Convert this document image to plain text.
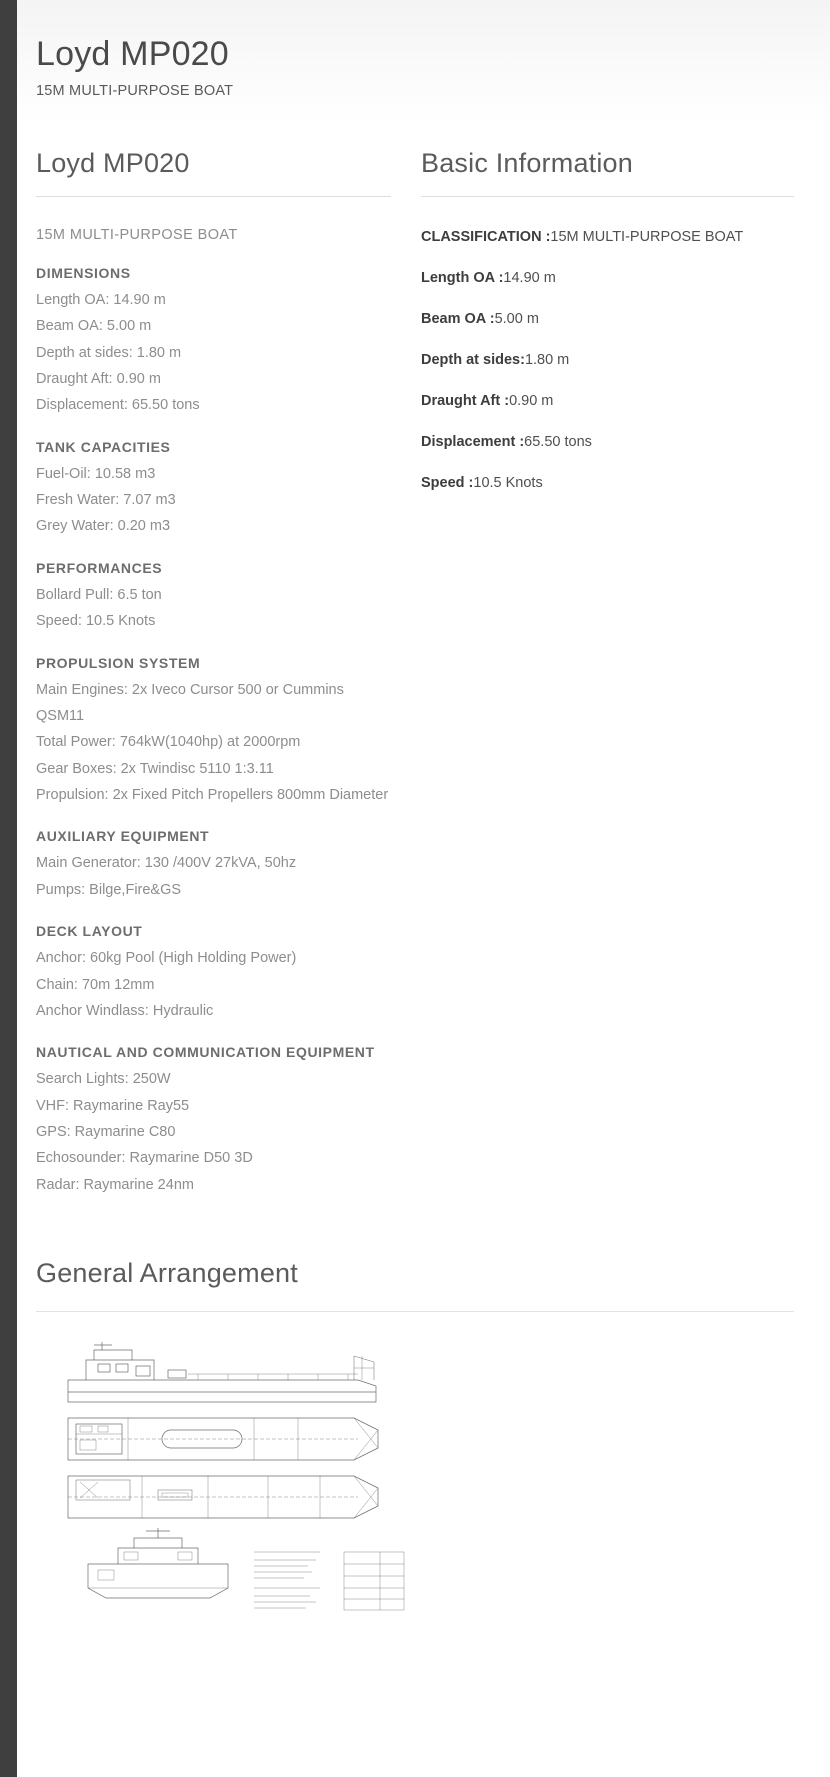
Loyd MP020
15M MULTI-PURPOSE BOAT
Loyd MP020

15M MULTI-PURPOSE BOAT

DIMENSIONS

Length OA: 14.90 m

Beam OA: 5.00 m

Depth at sides: 1.80 m

Draught Aft: 0.90 m

Displacement: 65.50 tons

TANK CAPACITIES

Fuel-Oil: 10.58 m3

Fresh Water: 7.07 m3

Grey Water: 0.20 m3

PERFORMANCES

Bollard Pull: 6.5 ton

Speed: 10.5 Knots

PROPULSION SYSTEM

Main Engines: 2x Iveco Cursor 500 or Cummins QSM11

Total Power: 764kW(1040hp) at 2000rpm

Gear Boxes: 2x Twindisc 5110 1:3.11

Propulsion: 2x Fixed Pitch Propellers 800mm Diameter

AUXILIARY EQUIPMENT

Main Generator: 130 /400V 27kVA, 50hz

Pumps: Bilge,Fire&GS

DECK LAYOUT

Anchor: 60kg Pool (High Holding Power)

Chain: 70m 12mm

Anchor Windlass: Hydraulic

NAUTICAL AND COMMUNICATION EQUIPMENT

Search Lights: 250W

VHF: Raymarine Ray55

GPS: Raymarine C80

Echosounder: Raymarine D50 3D

Radar: Raymarine 24nm

Basic Information
CLASSIFICATION :15M MULTI-PURPOSE BOAT
Length OA :14.90 m
Beam OA :5.00 m
Depth at sides:1.80 m
Draught Aft :0.90 m
Displacement :65.50 tons
Speed :10.5 Knots
General Arrangement
